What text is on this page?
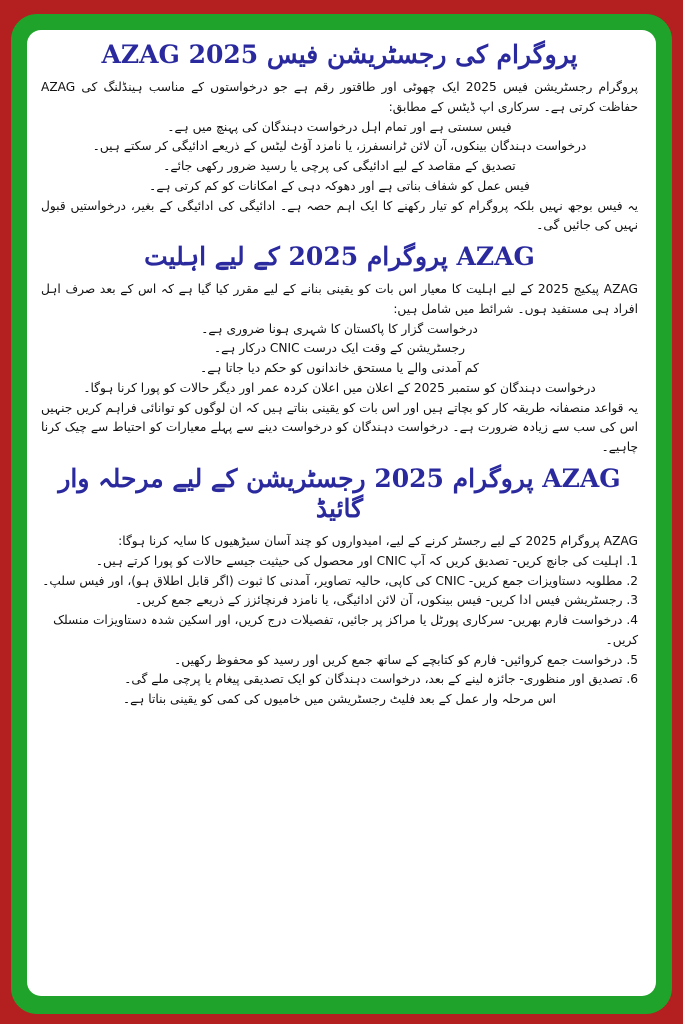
پروگرام کی رجسٹریشن فیس AZAG 2025

پروگرام رجسٹریشن فیس 2025 ایک چھوٹی اور طاقتور رقم ہے جو درخواستوں کے مناسب ہینڈلنگ کی AZAG حفاظت کرتی ہے۔ سرکاری اپ ڈیٹس کے مطابق:

فیس سستی ہے اور تمام اہل درخواست دہندگان کی پہنچ میں ہے۔

درخواست دہندگان بینکوں، آن لائن ٹرانسفرز، یا نامزد آؤٹ لیٹس کے ذریعے ادائیگی کر سکتے ہیں۔

تصدیق کے مقاصد کے لیے ادائیگی کی پرچی یا رسید ضرور رکھی جائے۔

فیس عمل کو شفاف بناتی ہے اور دھوکہ دہی کے امکانات کو کم کرتی ہے۔

یہ فیس بوجھ نہیں بلکہ پروگرام کو تیار رکھنے کا ایک اہم حصہ ہے۔ ادائیگی کی ادائیگی کے بغیر، درخواستیں قبول نہیں کی جائیں گی۔

AZAG پروگرام 2025 کے لیے اہلیت

AZAG پیکیج 2025 کے لیے اہلیت کا معیار اس بات کو یقینی بنانے کے لیے مقرر کیا گیا ہے کہ اس کے بعد صرف اہل افراد ہی مستفید ہوں۔ شرائط میں شامل ہیں:

درخواست گزار کا پاکستان کا شہری ہونا ضروری ہے۔

رجسٹریشن کے وقت ایک درست CNIC درکار ہے۔

کم آمدنی والے یا مستحق خاندانوں کو حکم دیا جاتا ہے۔

درخواست دہندگان کو ستمبر 2025 کے اعلان میں اعلان کردہ عمر اور دیگر حالات کو پورا کرنا ہوگا۔

یہ قواعد منصفانہ طریقہ کار کو بچاتے ہیں اور اس بات کو یقینی بناتے ہیں کہ ان لوگوں کو توانائی فراہم کریں جنہیں اس کی سب سے زیادہ ضرورت ہے۔ درخواست دہندگان کو درخواست دینے سے پہلے معیارات کو احتیاط سے چیک کرنا چاہیے۔

AZAG پروگرام 2025 رجسٹریشن کے لیے مرحلہ وار گائیڈ

AZAG پروگرام 2025 کے لیے رجسٹر کرنے کے لیے، امیدواروں کو چند آسان سیڑھیوں کا سایہ کرنا ہوگا:

1. اہلیت کی جانچ کریں- تصدیق کریں کہ آپ CNIC اور محصول کی حیثیت جیسے حالات کو پورا کرتے ہیں۔
2. مطلوبہ دستاویزات جمع کریں- CNIC کی کاپی، حالیہ تصاویر، آمدنی کا ثبوت (اگر قابل اطلاق ہو)، اور فیس سلپ۔
3. رجسٹریشن فیس ادا کریں- فیس بینکوں، آن لائن ادائیگی، یا نامزد فرنچائزز کے ذریعے جمع کریں۔
4. درخواست فارم بھریں- سرکاری پورٹل یا مراکز پر جائیں، تفصیلات درج کریں، اور اسکین شدہ دستاویزات منسلک کریں۔
5. درخواست جمع کروائیں- فارم کو کتابچے کے ساتھ جمع کریں اور رسید کو محفوظ رکھیں۔
6. تصدیق اور منظوری- جائزہ لینے کے بعد، درخواست دہندگان کو ایک تصدیقی پیغام یا پرچی ملے گی۔

اس مرحلہ وار عمل کے بعد فلیٹ رجسٹریشن میں خامیوں کی کمی کو یقینی بناتا ہے۔
